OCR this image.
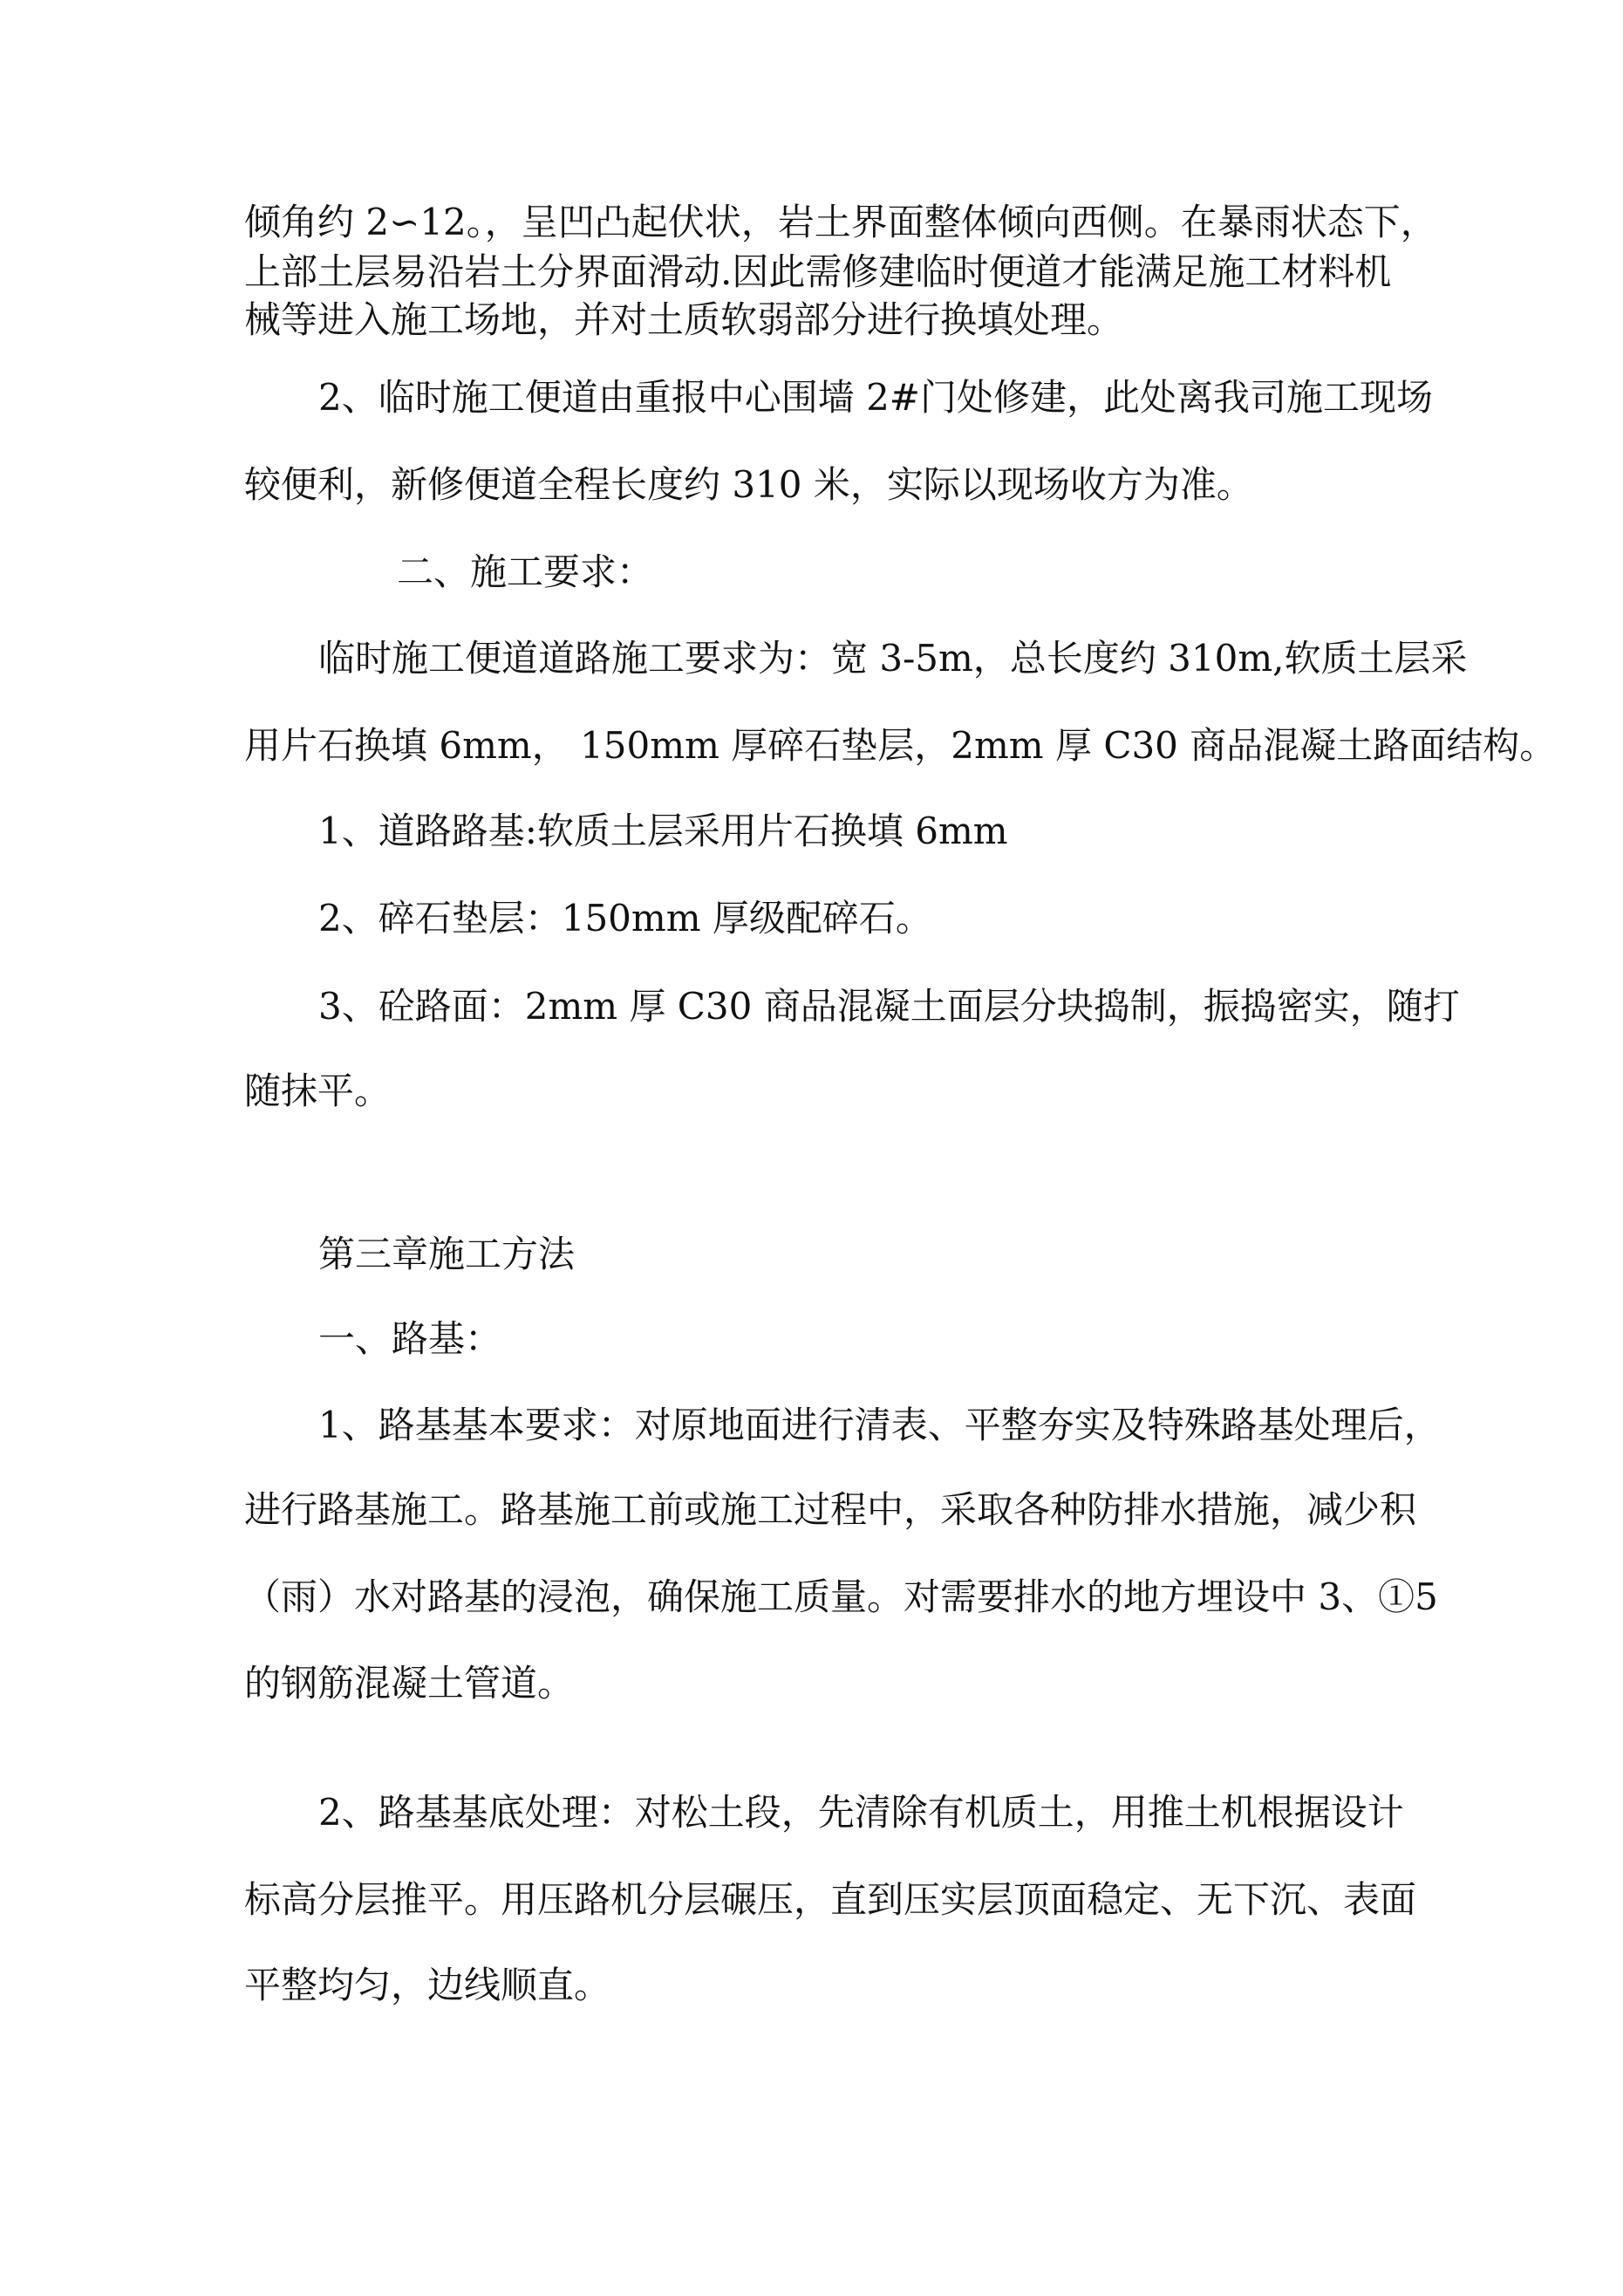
倾角约 2∽12。，呈凹凸起伏状，岩土界面整体倾向西侧。在暴雨状态下，

上部土层易沿岩土分界面滑动.因此需修建临时便道才能满足施工材料机

械等进入施工场地，并对土质软弱部分进行换填处理。

2、临时施工便道由重报中心围墙 2#门处修建，此处离我司施工现场

较便利，新修便道全程长度约 310 米，实际以现场收方为准。

二、施工要求：

临时施工便道道路施工要求为：宽 3-5m，总长度约 310m,软质土层采

用片石换填 6mm， 150mm 厚碎石垫层，2mm 厚 C30 商品混凝土路面结构。

1、道路路基:软质土层采用片石换填 6mm

2、碎石垫层：150mm 厚级配碎石。

3、砼路面：2mm 厚 C30 商品混凝土面层分块捣制，振捣密实，随打

随抹平。

第三章施工方法

一、路基：

1、路基基本要求：对原地面进行清表、平整夯实及特殊路基处理后，

进行路基施工。路基施工前或施工过程中，采取各种防排水措施，减少积

（雨）水对路基的浸泡，确保施工质量。对需要排水的地方埋设中 3、①5

的钢筋混凝土管道。

2、路基基底处理：对松土段，先清除有机质土，用推土机根据设计

标高分层推平。用压路机分层碾压，直到压实层顶面稳定、无下沉、表面

平整均匀，边线顺直。
